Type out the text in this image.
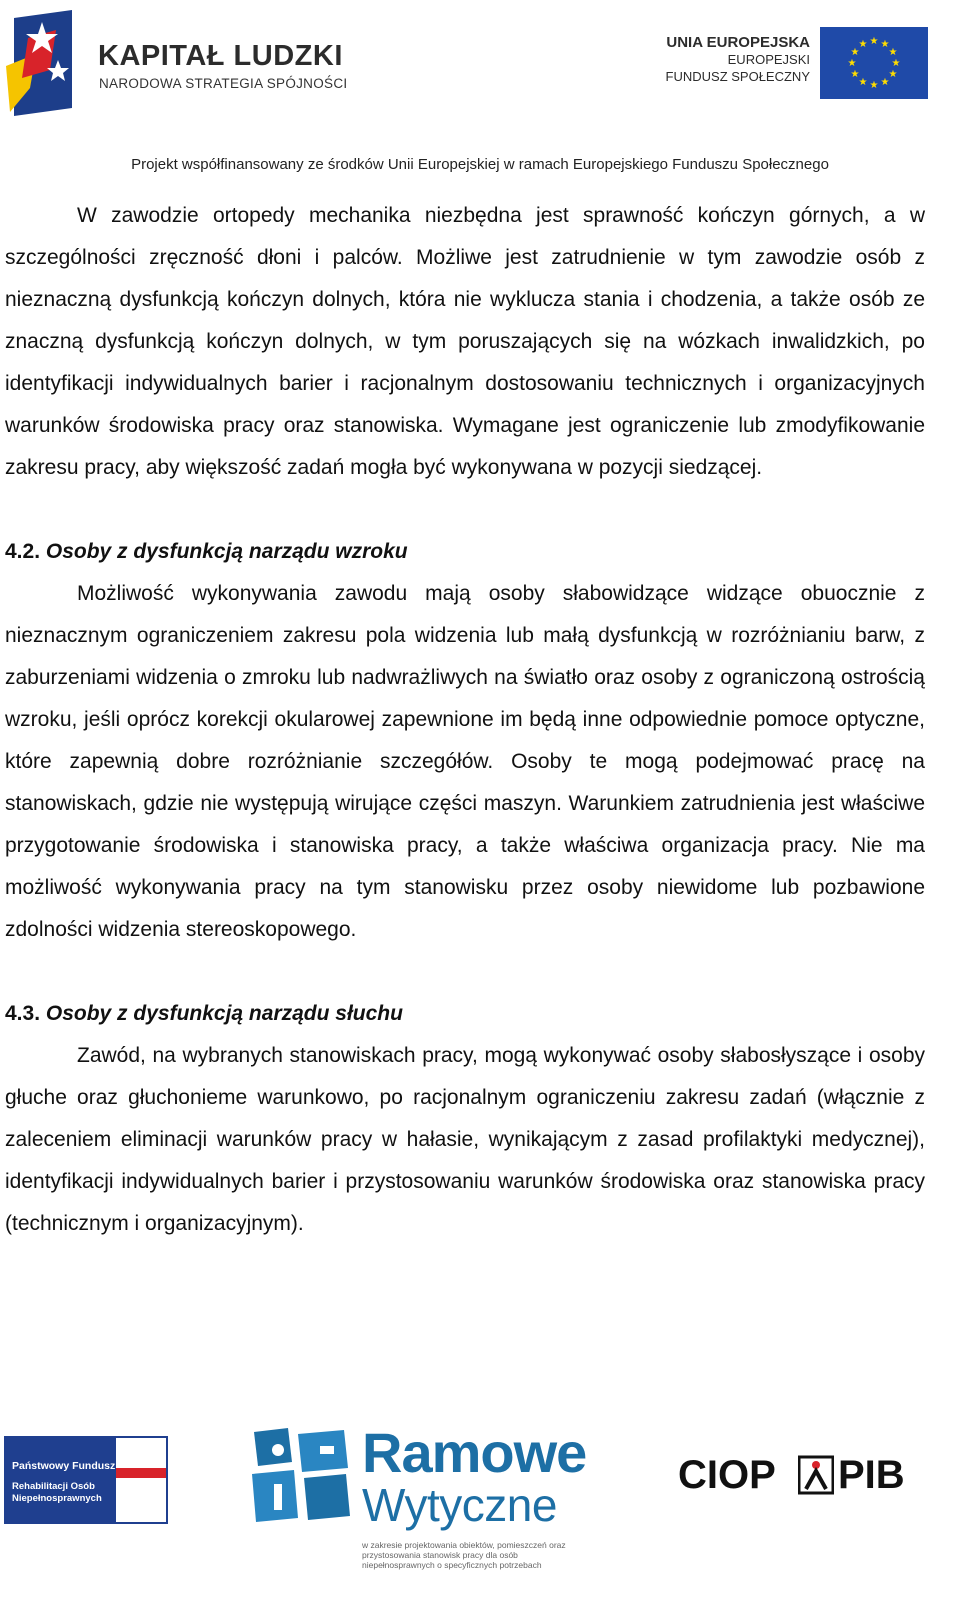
KAPITAŁ LUDZKI
NARODOWA STRATEGIA SPÓJNOŚCI
UNIA EUROPEJSKA
EUROPEJSKI
FUNDUSZ SPOŁECZNY
★ ★
★
★
★
★
★
★
★
★
★
★
Projekt współfinansowany ze środków Unii Europejskiej w ramach Europejskiego Funduszu Społecznego

W zawodzie ortopedy mechanika niezbędna jest sprawność kończyn górnych, a w szczególności zręczność dłoni i palców. Możliwe jest zatrudnienie w tym zawodzie osób z nieznaczną dysfunkcją kończyn dolnych, która nie wyklucza stania i chodzenia, a także osób ze znaczną dysfunkcją kończyn dolnych, w tym poruszających się na wózkach inwalidzkich, po identyfikacji indywidualnych barier i racjonalnym dostosowaniu technicznych i organizacyjnych warunków środowiska pracy oraz stanowiska. Wymagane jest ograniczenie lub zmodyfikowanie zakresu pracy, aby większość zadań mogła być wykonywana w pozycji siedzącej.

4.2. Osoby z dysfunkcją narządu wzroku

Możliwość wykonywania zawodu mają osoby słabowidzące widzące obuocznie z nieznacznym ograniczeniem zakresu pola widzenia lub małą dysfunkcją w rozróżnianiu barw, z zaburzeniami widzenia o zmroku lub nadwrażliwych na światło oraz osoby z ograniczoną ostrością wzroku, jeśli oprócz korekcji okularowej zapewnione im będą inne odpowiednie pomoce optyczne, które zapewnią dobre rozróżnianie szczegółów. Osoby te mogą podejmować pracę na stanowiskach, gdzie nie występują wirujące części maszyn. Warunkiem zatrudnienia jest właściwe przygotowanie środowiska i stanowiska pracy, a także właściwa organizacja pracy. Nie ma możliwość wykonywania pracy na tym stanowisku przez osoby niewidome lub pozbawione zdolności widzenia stereoskopowego.

4.3. Osoby z dysfunkcją narządu słuchu

Zawód, na wybranych stanowiskach pracy, mogą wykonywać osoby słabosłyszące i osoby głuche oraz głuchonieme warunkowo, po racjonalnym ograniczeniu zakresu zadań (włącznie z zaleceniem eliminacji warunków pracy w hałasie, wynikającym z zasad profilaktyki medycznej), identyfikacji indywidualnych barier i przystosowaniu warunków środowiska oraz stanowiska pracy (technicznym i organizacyjnym).

Państwowy Fundusz
Rehabilitacji Osób Niepełnosprawnych
Ramowe
Wytyczne
w zakresie projektowania obiektów, pomieszczeń oraz przystosowania stanowisk pracy dla osób niepełnosprawnych o specyficznych potrzebach
CIOP PIB
